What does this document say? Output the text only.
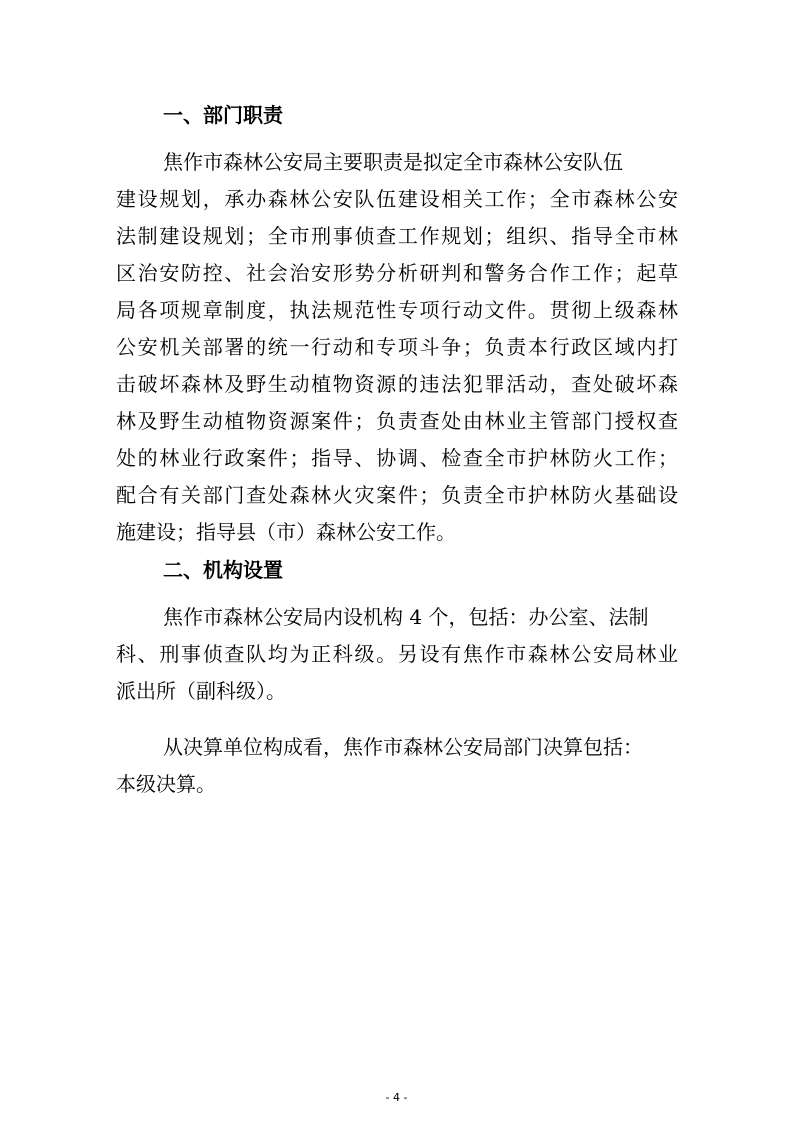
一、部门职责
焦作市森林公安局主要职责是拟定全市森林公安队伍
建设规划，承办森林公安队伍建设相关工作；全市森林公安
法制建设规划；全市刑事侦查工作规划；组织、指导全市林
区治安防控、社会治安形势分析研判和警务合作工作；起草
局各项规章制度，执法规范性专项行动文件。贯彻上级森林
公安机关部署的统一行动和专项斗争；负责本行政区域内打
击破坏森林及野生动植物资源的违法犯罪活动，查处破坏森
林及野生动植物资源案件；负责查处由林业主管部门授权查
处的林业行政案件；指导、协调、检查全市护林防火工作；
配合有关部门查处森林火灾案件；负责全市护林防火基础设
施建设；指导县（市）森林公安工作。
二、机构设置
焦作市森林公安局内设机构 4 个，包括：办公室、法制
科、刑事侦查队均为正科级。另设有焦作市森林公安局林业
派出所（副科级）。
从决算单位构成看，焦作市森林公安局部门决算包括：
本级决算。
- 4 -
